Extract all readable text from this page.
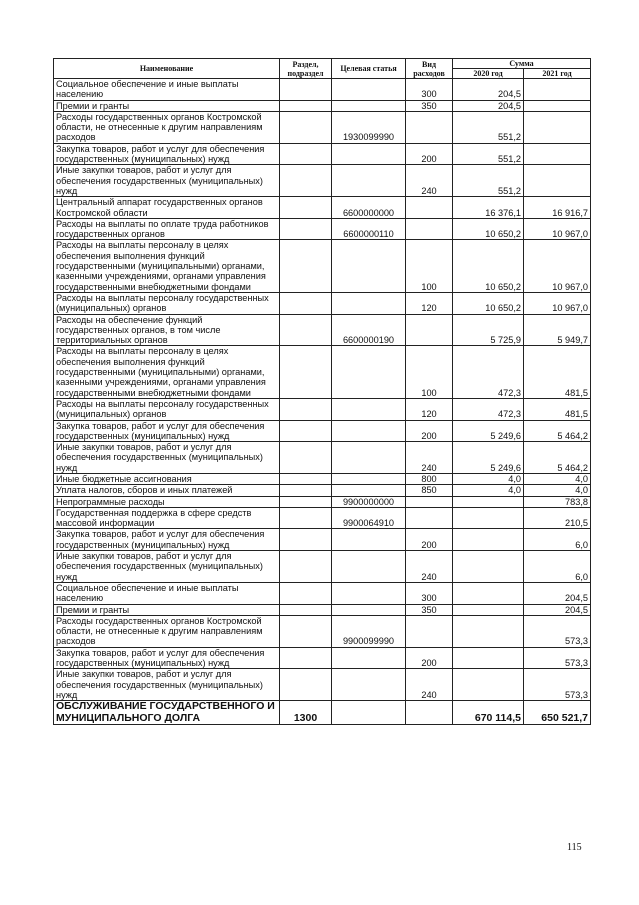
Наименование	Раздел, подраздел	Целевая статья	Вид расходов	Сумма	
				2020 год	2021 год
Социальное обеспечение и иные выплаты населению			300	204,5	
Премии и гранты			350	204,5	
Расходы государственных органов Костромской области, не отнесенные к другим направлениям расходов		1930099990		551,2	
Закупка товаров, работ и услуг для обеспечения государственных (муниципальных) нужд			200	551,2	
Иные закупки товаров, работ и услуг для обеспечения государственных (муниципальных) нужд			240	551,2	
Центральный аппарат государственных органов Костромской области		6600000000		16 376,1	16 916,7
Расходы на выплаты по оплате труда работников государственных органов		6600000110		10 650,2	10 967,0
Расходы на выплаты персоналу в целях обеспечения выполнения функций государственными (муниципальными) органами, казенными учреждениями, органами управления государственными внебюджетными фондами			100	10 650,2	10 967,0
Расходы на выплаты персоналу государственных (муниципальных) органов			120	10 650,2	10 967,0
Расходы на обеспечение функций государственных органов, в том числе территориальных органов		6600000190		5 725,9	5 949,7
Расходы на выплаты персоналу в целях обеспечения выполнения функций государственными (муниципальными) органами, казенными учреждениями, органами управления государственными внебюджетными фондами			100	472,3	481,5
Расходы на выплаты персоналу государственных (муниципальных) органов			120	472,3	481,5
Закупка товаров, работ и услуг для обеспечения государственных (муниципальных) нужд			200	5 249,6	5 464,2
Иные закупки товаров, работ и услуг для обеспечения государственных (муниципальных) нужд			240	5 249,6	5 464,2
Иные бюджетные ассигнования			800	4,0	4,0
Уплата налогов, сборов и иных платежей			850	4,0	4,0
Непрограммные расходы		9900000000			783,8
Государственная поддержка в сфере средств массовой информации		9900064910			210,5
Закупка товаров, работ и услуг для обеспечения государственных (муниципальных) нужд			200		6,0
Иные закупки товаров, работ и услуг для обеспечения государственных (муниципальных) нужд			240		6,0
Социальное обеспечение и иные выплаты населению			300		204,5
Премии и гранты			350		204,5
Расходы государственных органов Костромской области, не отнесенные к другим направлениям расходов		9900099990			573,3
Закупка товаров, работ и услуг для обеспечения государственных (муниципальных) нужд			200		573,3
Иные закупки товаров, работ и услуг для обеспечения государственных (муниципальных) нужд			240		573,3
ОБСЛУЖИВАНИЕ ГОСУДАРСТВЕННОГО И МУНИЦИПАЛЬНОГО ДОЛГА	1300			670 114,5	650 521,7
115
